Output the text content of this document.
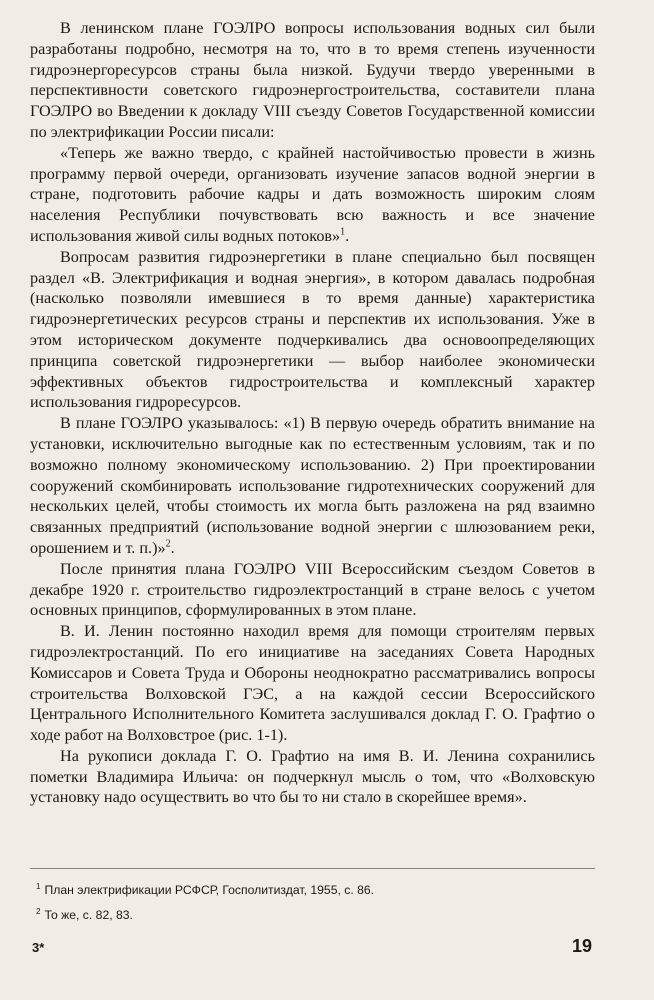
В ленинском плане ГОЭЛРО вопросы использования водных сил были разработаны подробно, несмотря на то, что в то время степень изученности гидроэнергоресурсов страны была низкой. Будучи твердо уверенными в перспективности советского гидроэнергостроительства, составители плана ГОЭЛРО во Введении к докладу VIII съезду Советов Государственной комиссии по электрификации России писали:

«Теперь же важно твердо, с крайней настойчивостью провести в жизнь программу первой очереди, организовать изучение запасов водной энергии в стране, подготовить рабочие кадры и дать возможность широким слоям населения Республики почувствовать всю важность и все значение использования живой силы водных потоков»$^1$.

Вопросам развития гидроэнергетики в плане специально был посвящен раздел «В. Электрификация и водная энергия», в котором давалась подробная (насколько позволяли имевшиеся в то время данные) характеристика гидроэнергетических ресурсов страны и перспектив их использования. Уже в этом историческом документе подчеркивались два основоопределяющих принципа советской гидроэнергетики — выбор наиболее экономически эффективных объектов гидростроительства и комплексный характер использования гидроресурсов.

В плане ГОЭЛРО указывалось: «1) В первую очередь обратить внимание на установки, исключительно выгодные как по естественным условиям, так и по возможно полному экономическому использованию. 2) При проектировании сооружений скомбинировать использование гидротехнических сооружений для нескольких целей, чтобы стоимость их могла быть разложена на ряд взаимно связанных предприятий (использование водной энергии с шлюзованием реки, орошением и т. п.)»$^2$.

После принятия плана ГОЭЛРО VIII Всероссийским съездом Советов в декабре 1920 г. строительство гидроэлектростанций в стране велось с учетом основных принципов, сформулированных в этом плане.

В. И. Ленин постоянно находил время для помощи строителям первых гидроэлектростанций. По его инициативе на заседаниях Совета Народных Комиссаров и Совета Труда и Обороны неоднократно рассматривались вопросы строительства Волховской ГЭС, а на каждой сессии Всероссийского Центрального Исполнительного Комитета заслушивался доклад Г. О. Графтио о ходе работ на Волховстрое (рис. 1-1).

На рукописи доклада Г. О. Графтио на имя В. И. Ленина сохранились пометки Владимира Ильича: он подчеркнул мысль о том, что «Волховскую установку надо осуществить во что бы то ни стало в скорейшее время».

$^1$ План электрификации РСФСР, Госполитиздат, 1955, с. 86.

$^2$ То же, с. 82, 83.

3*	19
